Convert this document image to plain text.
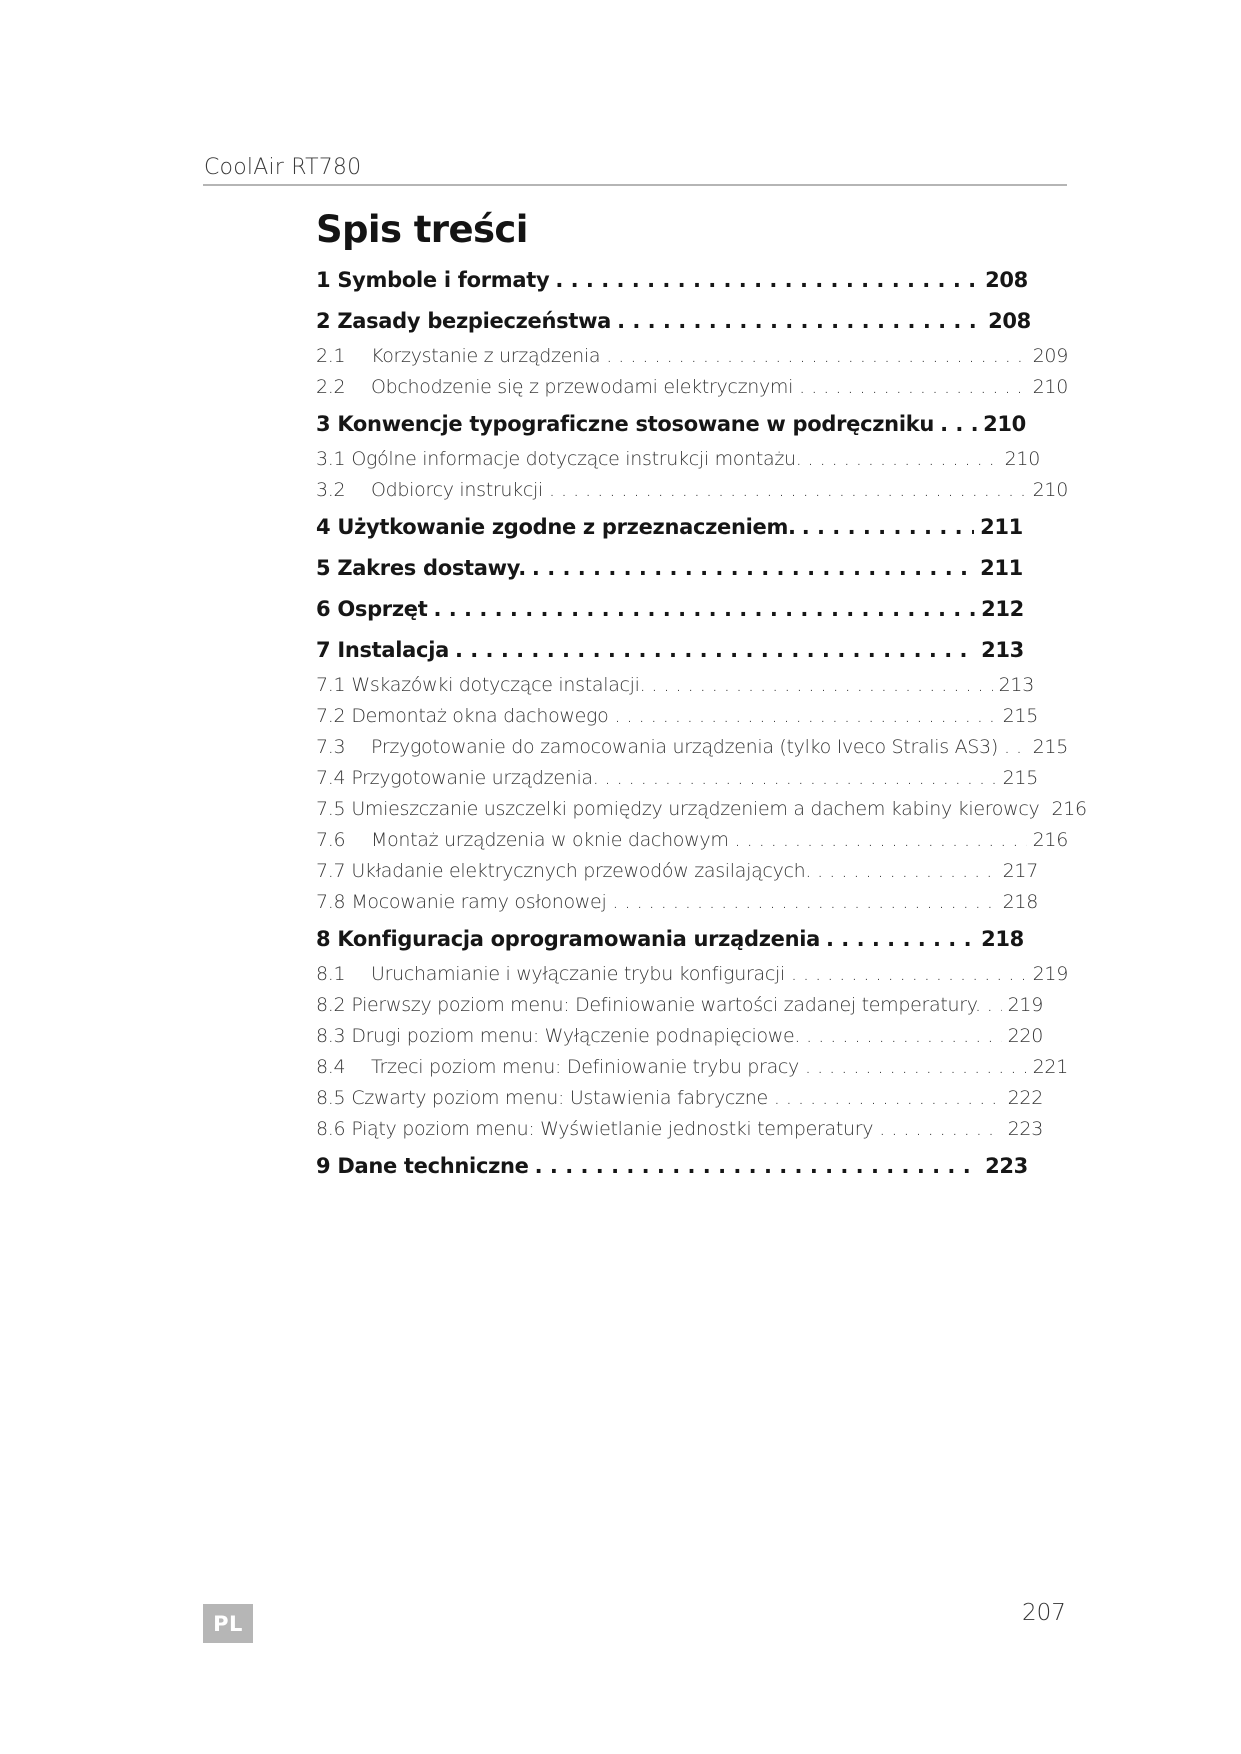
CoolAir RT780
Spis treści
1 Symbole i formaty . . .	208
2 Zasady bezpieczeństwa . . .	208
2.1	Korzystanie z urządzenia . . .	209
2.2	Obchodzenie się z przewodami elektrycznymi . . .	210
3 Konwencje typograficzne stosowane w podręczniku . . . 210
3.1 Ogólne informacje dotyczące instrukcji montażu. . . .	210
3.2	Odbiorcy instrukcji . . .	210
4 Użytkowanie zgodne z przeznaczeniem. . . .	211
5 Zakres dostawy. . . .	211
6 Osprzęt . . .	212
7 Instalacja . . .	213
7.1 Wskazówki dotyczące instalacji. . . .	213
7.2 Demontaż okna dachowego . . .	215
7.3	Przygotowanie do zamocowania urządzenia (tylko Iveco Stralis AS3) . . . 215
7.4 Przygotowanie urządzenia. . . .	215
7.5 Umieszczanie uszczelki pomiędzy urządzeniem a dachem kabiny kierowcy 216
7.6	Montaż urządzenia w oknie dachowym . . .	216
7.7 Układanie elektrycznych przewodów zasilających. . . .	217
7.8 Mocowanie ramy osłonowej . . .	218
8 Konfiguracja oprogramowania urządzenia . . .	218
8.1	Uruchamianie i wyłączanie trybu konfiguracji . . .	219
8.2 Pierwszy poziom menu: Definiowanie wartości zadanej temperatury. . . . 219
8.3 Drugi poziom menu: Wyłączenie podnapięciowe. . . .	220
8.4	Trzeci poziom menu: Definiowanie trybu pracy . . .	221
8.5 Czwarty poziom menu: Ustawienia fabryczne . . .	222
8.6 Piąty poziom menu: Wyświetlanie jednostki temperatury . . .	223
9 Dane techniczne . . .	223
PL	207
